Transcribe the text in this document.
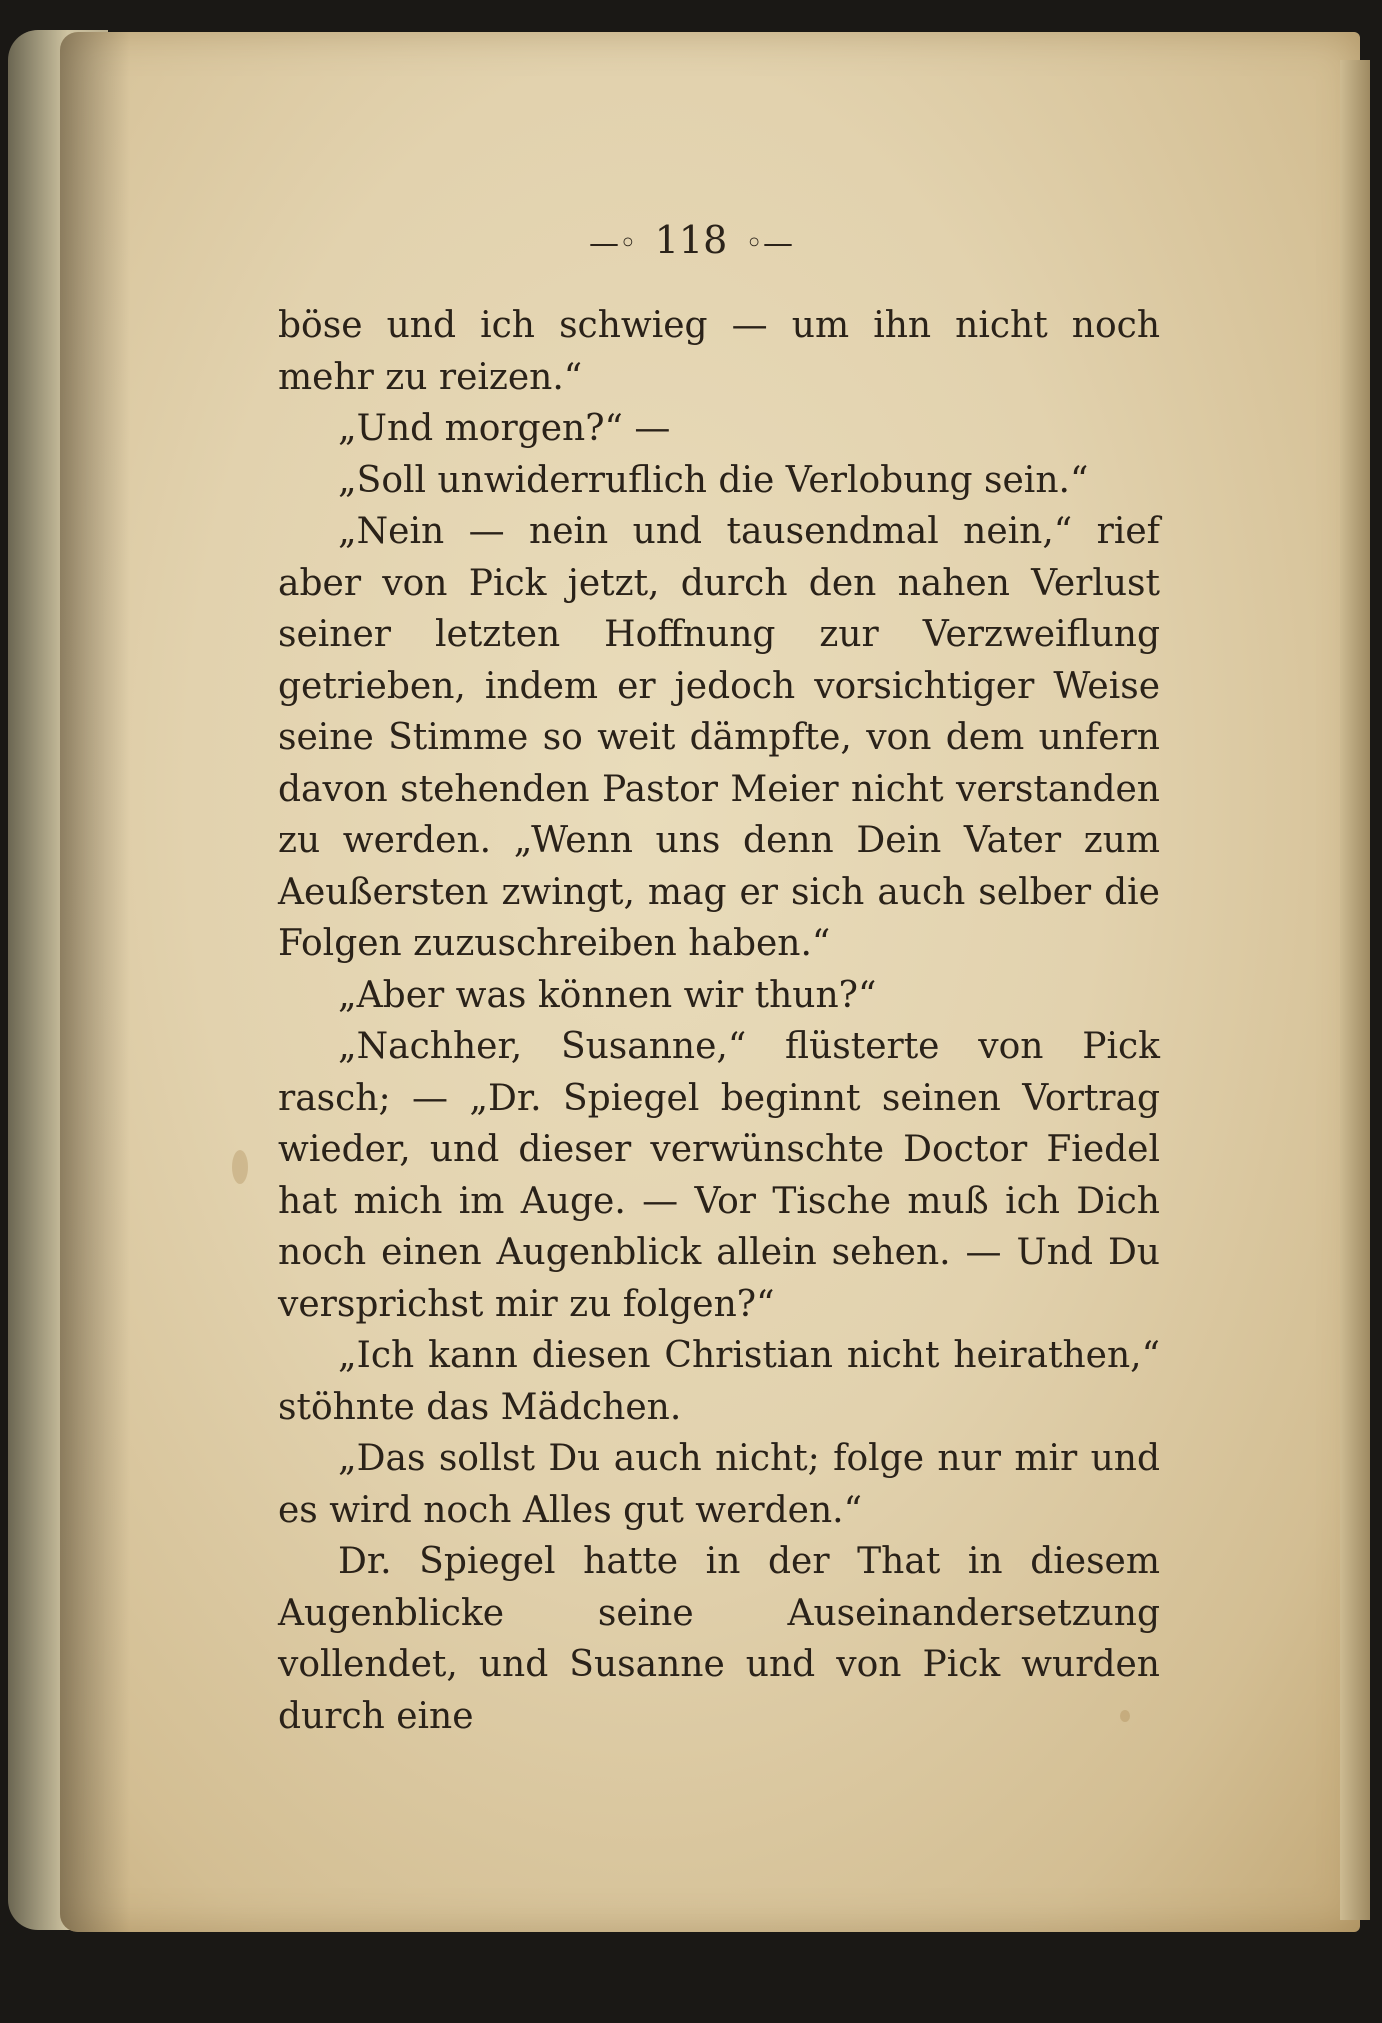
—◦ 118 ◦—

böse und ich schwieg — um ihn nicht noch mehr zu reizen.“

„Und morgen?“ —

„Soll unwiderruflich die Verlobung sein.“

„Nein — nein und tausendmal nein,“ rief aber von Pick jetzt, durch den nahen Verlust seiner letzten Hoffnung zur Verzweiflung getrieben, indem er jedoch vorsichtiger Weise seine Stimme so weit dämpfte, von dem unfern davon stehenden Pastor Meier nicht verstanden zu werden. „Wenn uns denn Dein Vater zum Aeußersten zwingt, mag er sich auch selber die Folgen zuzuschreiben haben.“

„Aber was können wir thun?“

„Nachher, Susanne,“ flüsterte von Pick rasch; — „Dr. Spiegel beginnt seinen Vortrag wieder, und dieser verwünschte Doctor Fiedel hat mich im Auge. — Vor Tische muß ich Dich noch einen Augenblick allein sehen. — Und Du versprichst mir zu folgen?“

„Ich kann diesen Christian nicht heirathen,“ stöhnte das Mädchen.

„Das sollst Du auch nicht; folge nur mir und es wird noch Alles gut werden.“

Dr. Spiegel hatte in der That in diesem Augenblicke seine Auseinandersetzung vollendet, und Susanne und von Pick wurden durch eine
